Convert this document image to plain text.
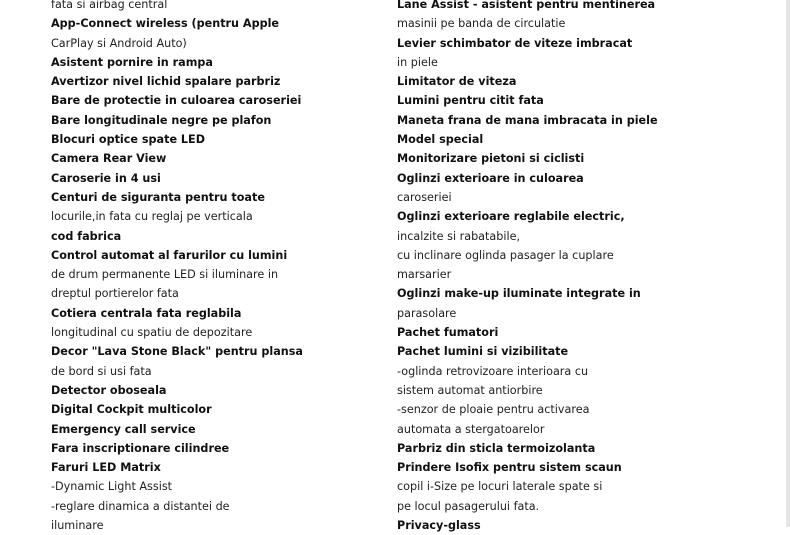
fata si airbag central
App-Connect wireless (pentru Apple
CarPlay si Android Auto)
Asistent pornire in rampa
Avertizor nivel lichid spalare parbriz
Bare de protectie in culoarea caroseriei
Bare longitudinale negre pe plafon
Blocuri optice spate LED
Camera Rear View
Caroserie in 4 usi
Centuri de siguranta pentru toate
locurile,in fata cu reglaj pe verticala
cod fabrica
Control automat al farurilor cu lumini
de drum permanente LED si iluminare in
dreptul portierelor fata
Cotiera centrala fata reglabila
longitudinal cu spatiu de depozitare
Decor "Lava Stone Black" pentru plansa
de bord si usi fata
Detector oboseala
Digital Cockpit multicolor
Emergency call service
Fara inscriptionare cilindree
Faruri LED Matrix
-Dynamic Light Assist
-reglare dinamica a distantei de
iluminare
Lane Assist - asistent pentru mentinerea
masinii pe banda de circulatie
Levier schimbator de viteze imbracat
in piele
Limitator de viteza
Lumini pentru citit fata
Maneta frana de mana imbracata in piele
Model special
Monitorizare pietoni si ciclisti
Oglinzi exterioare in culoarea
caroseriei
Oglinzi exterioare reglabile electric,
incalzite si rabatabile,
cu inclinare oglinda pasager la cuplare
marsarier
Oglinzi make-up iluminate integrate in
parasolare
Pachet fumatori
Pachet lumini si vizibilitate
-oglinda retrovizoare interioara cu
sistem automat antiorbire
-senzor de ploaie pentru activarea
automata a stergatoarelor
Parbriz din sticla termoizolanta
Prindere Isofix pentru sistem scaun
copil i-Size pe locuri laterale spate si
pe locul pasagerului fata.
Privacy-glass
